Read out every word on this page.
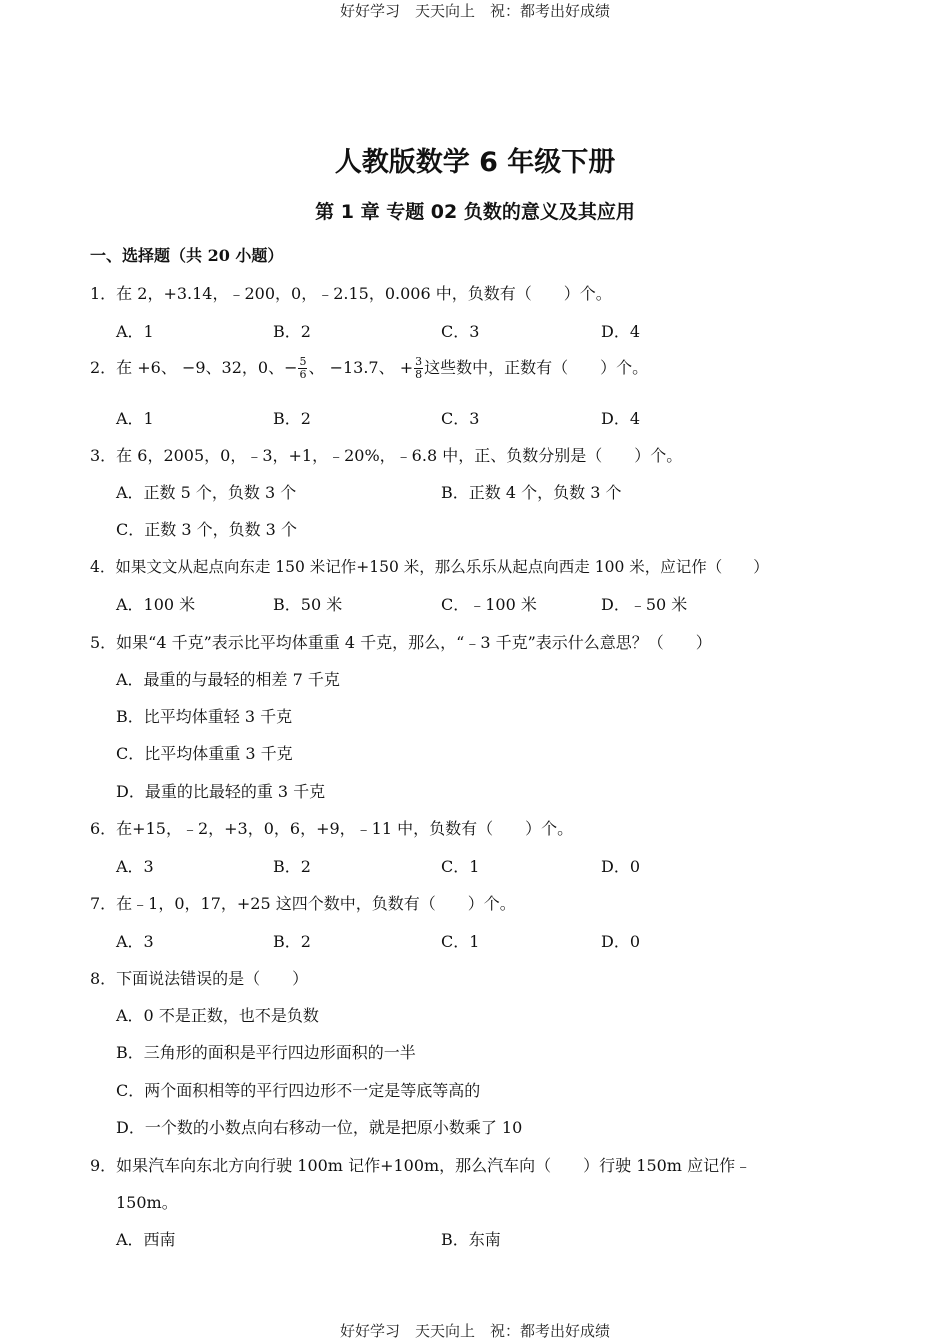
好好学习　天天向上　祝：都考出好成绩
人教版数学 6 年级下册
第 1 章 专题 02 负数的意义及其应用
一、选择题（共 20 小题）
1．在 2，+3.14，﹣200，0，﹣2.15，0.006 中，负数有（　　）个。
A．1	B．2	C．3	D．4
2．在 +6、 −9、32，0、− $\frac{5}{6}$ 、 −13.7、 + $\frac{3}{8}$ 这些数中，正数有（　　）个。
A．1	B．2	C．3	D．4
3．在 6，2005，0，﹣3，+1，﹣20%，﹣6.8 中，正、负数分别是（　　）个。
A．正数 5 个，负数 3 个	B．正数 4 个，负数 3 个
C．正数 3 个，负数 3 个
4．如果文文从起点向东走 150 米记作+150 米，那么乐乐从起点向西走 100 米，应记作（　　）
A．100 米	B．50 米	C．﹣100 米	D．﹣50 米
5．如果“4 千克”表示比平均体重重 4 千克，那么，“﹣3 千克”表示什么意思？（　　）
A．最重的与最轻的相差 7 千克
B．比平均体重轻 3 千克
C．比平均体重重 3 千克
D．最重的比最轻的重 3 千克
6．在+15，﹣2，+3，0，6，+9，﹣11 中，负数有（　　）个。
A．3	B．2	C．1	D．0
7．在﹣1，0，17，+25 这四个数中，负数有（　　）个。
A．3	B．2	C．1	D．0
8．下面说法错误的是（　　）
A．0 不是正数，也不是负数
B．三角形的面积是平行四边形面积的一半
C．两个面积相等的平行四边形不一定是等底等高的
D．一个数的小数点向右移动一位，就是把原小数乘了 10
9．如果汽车向东北方向行驶 100m 记作+100m，那么汽车向（　　）行驶 150m 应记作﹣
150m。
A．西南	B．东南
好好学习　天天向上　祝：都考出好成绩
